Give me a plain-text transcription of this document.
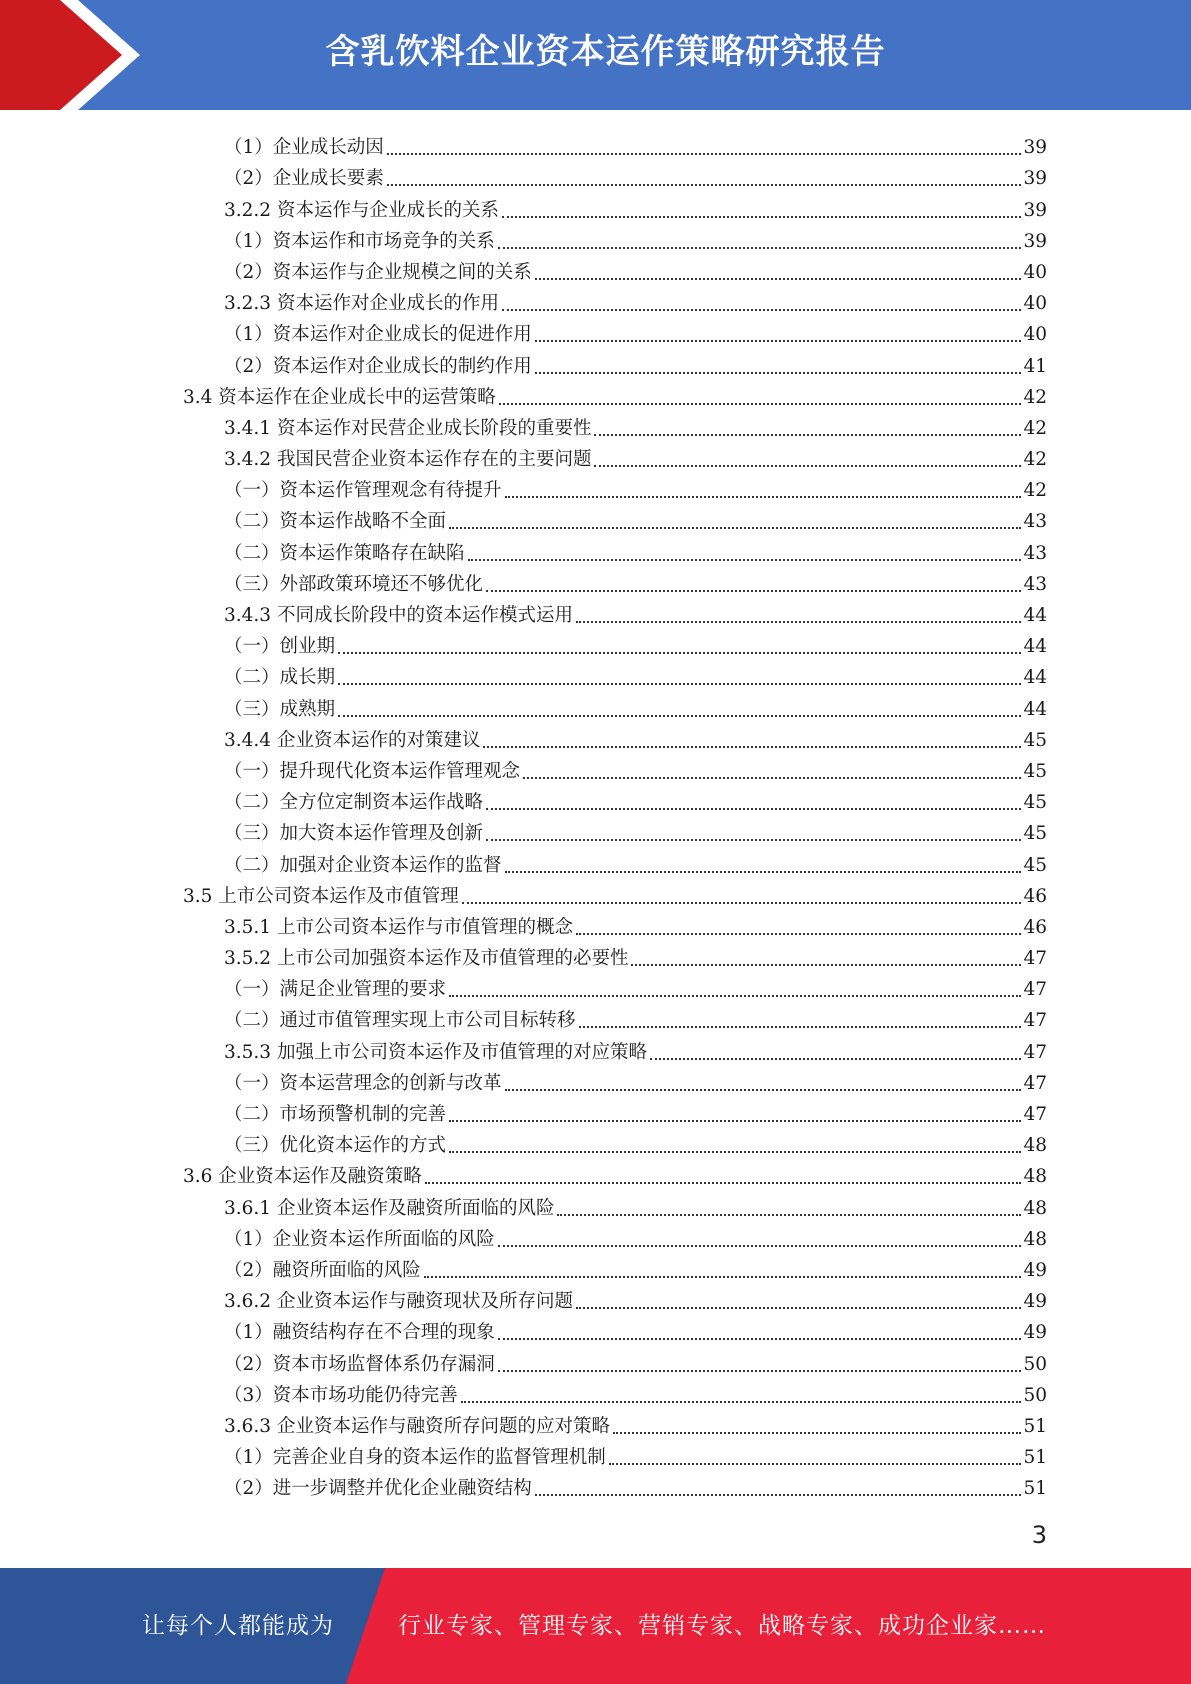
含乳饮料企业资本运作策略研究报告
（1）企业成长动因	39
（2）企业成长要素	39
3.2.2 资本运作与企业成长的关系	39
（1）资本运作和市场竞争的关系	39
（2）资本运作与企业规模之间的关系	40
3.2.3 资本运作对企业成长的作用	40
（1）资本运作对企业成长的促进作用	40
（2）资本运作对企业成长的制约作用	41
3.4 资本运作在企业成长中的运营策略	42
3.4.1 资本运作对民营企业成长阶段的重要性	42
3.4.2 我国民营企业资本运作存在的主要问题	42
（一）资本运作管理观念有待提升	42
（二）资本运作战略不全面	43
（二）资本运作策略存在缺陷	43
（三）外部政策环境还不够优化	43
3.4.3 不同成长阶段中的资本运作模式运用	44
（一）创业期	44
（二）成长期	44
（三）成熟期	44
3.4.4 企业资本运作的对策建议	45
（一）提升现代化资本运作管理观念	45
（二）全方位定制资本运作战略	45
（三）加大资本运作管理及创新	45
（二）加强对企业资本运作的监督	45
3.5 上市公司资本运作及市值管理	46
3.5.1 上市公司资本运作与市值管理的概念	46
3.5.2 上市公司加强资本运作及市值管理的必要性	47
（一）满足企业管理的要求	47
（二）通过市值管理实现上市公司目标转移	47
3.5.3 加强上市公司资本运作及市值管理的对应策略	47
（一）资本运营理念的创新与改革	47
（二）市场预警机制的完善	47
（三）优化资本运作的方式	48
3.6 企业资本运作及融资策略	48
3.6.1 企业资本运作及融资所面临的风险	48
（1）企业资本运作所面临的风险	48
（2）融资所面临的风险	49
3.6.2 企业资本运作与融资现状及所存问题	49
（1）融资结构存在不合理的现象	49
（2）资本市场监督体系仍存漏洞	50
（3）资本市场功能仍待完善	50
3.6.3 企业资本运作与融资所存问题的应对策略	51
（1）完善企业自身的资本运作的监督管理机制	51
（2）进一步调整并优化企业融资结构	51
3
让每个人都能成为	行业专家、管理专家、营销专家、战略专家、成功企业家……
